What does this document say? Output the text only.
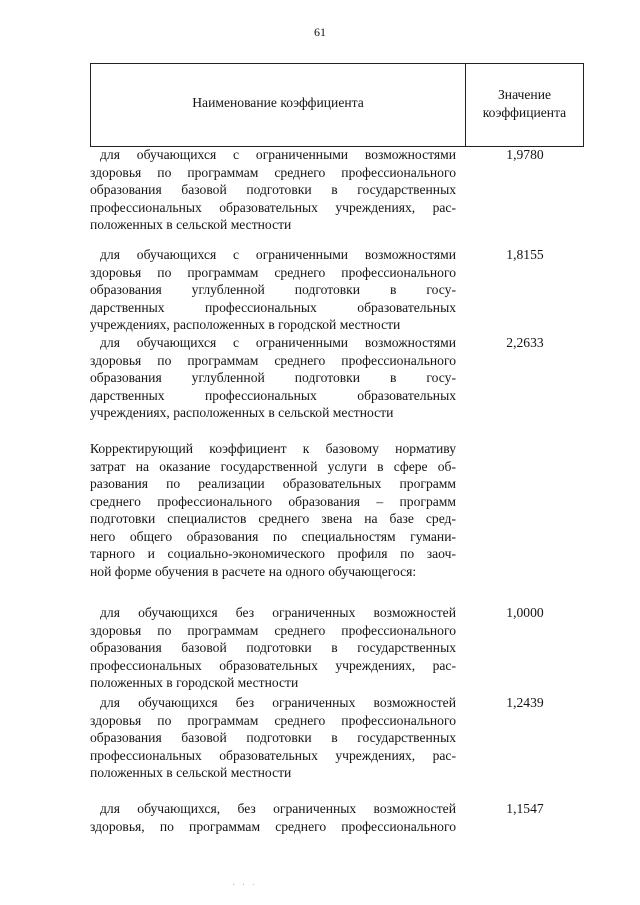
61
Наименование коэффициента
Значение
коэффициента
для обучающихся с ограниченными возможностями
здоровья по программам среднего профессионального
образования базовой подготовки в государственных
профессиональных образовательных учреждениях, рас-
положенных в сельской местности
1,9780
для обучающихся с ограниченными возможностями
здоровья по программам среднего профессионального
образования углубленной подготовки в госу-
дарственных профессиональных образовательных
учреждениях, расположенных в городской местности
1,8155
для обучающихся с ограниченными возможностями
здоровья по программам среднего профессионального
образования углубленной подготовки в госу-
дарственных профессиональных образовательных
учреждениях, расположенных в сельской местности
2,2633
Корректирующий коэффициент к базовому нормативу
затрат на оказание государственной услуги в сфере об-
разования по реализации образовательных программ
среднего профессионального образования – программ
подготовки специалистов среднего звена на базе сред-
него общего образования по специальностям гумани-
тарного и социально-экономического профиля по заоч-
ной форме обучения в расчете на одного обучающегося:
для обучающихся без ограниченных возможностей
здоровья по программам среднего профессионального
образования базовой подготовки в государственных
профессиональных образовательных учреждениях, рас-
положенных в городской местности
1,0000
для обучающихся без ограниченных возможностей
здоровья по программам среднего профессионального
образования базовой подготовки в государственных
профессиональных образовательных учреждениях, рас-
положенных в сельской местности
1,2439
для обучающихся, без ограниченных возможностей
здоровья, по программам среднего профессионального
1,1547
· · ·
